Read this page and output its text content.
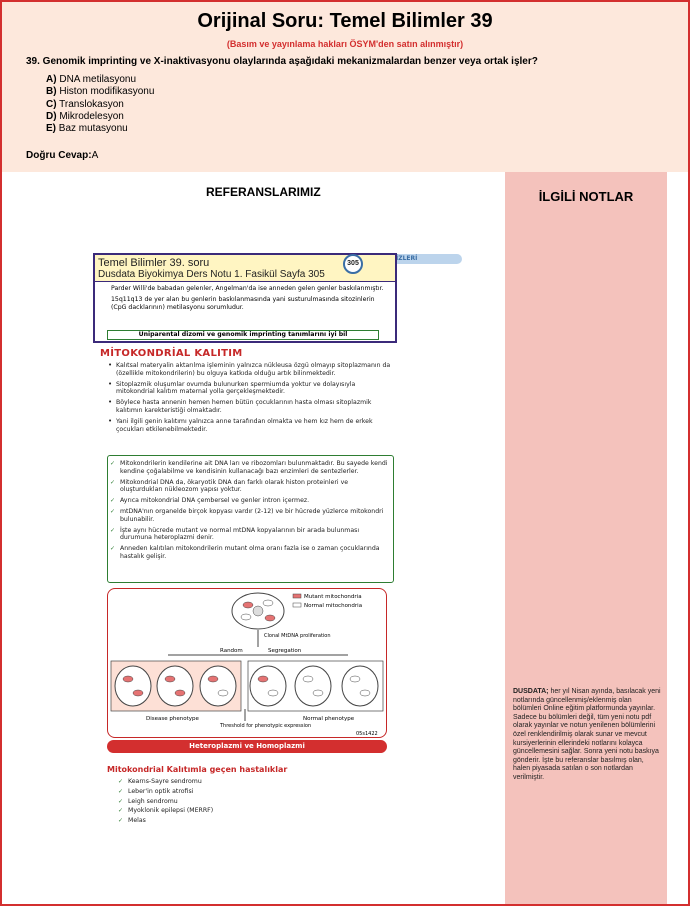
Orijinal Soru: Temel Bilimler 39
(Basım ve yayınlama hakları ÖSYM'den satın alınmıştır)
39. Genomik imprinting ve X-inaktivasyonu olaylarında aşağıdaki mekanizmalardan benzer veya ortak işler?
A) DNA metilasyonu
B) Histon modifikasyonu
C) Translokasyon
D) Mikrodelesyon
E) Baz mutasyonu
Doğru Cevap:A
REFERANSLARIMIZ
İZLERİ
MİTOKONDRİAL KALITIM
• Kalıtsal materyalin aktarılma işleminin yalnızca nükleusa özgü olmayıp sitoplazmanın da (özellikle mitokondrilerin) bu olguya katkıda olduğu artık bilinmektedir.
• Sitoplazmik oluşumlar ovumda bulunurken spermiumda yoktur ve dolayısıyla mitokondrial kalıtım maternal yolla gerçekleşmektedir.
• Böylece hasta annenin hemen hemen bütün çocuklarının hasta olması sitoplazmik kalıtımın karekteristiği olmaktadır.
• Yani ilgili genin kalıtımı yalnızca anne tarafından olmakta ve hem kız hem de erkek çocukları etkilenebilmektedir.
✓ Mitokondrilerin kendilerine ait DNA ları ve ribozomları bulunmaktadır. Bu sayede kendi kendine çoğalabilme ve kendisinin kullanacağı bazı enzimleri de sentezlerler.
✓ Mitokondrial DNA da, ökaryotik DNA dan farklı olarak histon proteinleri ve oluşturdukları nükleozom yapısı yoktur.
✓ Ayrıca mitokondrial DNA çembersel ve genler intron içermez.
✓ mtDNA'nın organelde birçok kopyası vardır (2-12) ve bir hücrede yüzlerce mitokondri bulunabilir.
✓ İşte aynı hücrede mutant ve normal mtDNA kopyalarının bir arada bulunması durumuna heteroplazmi denir.
✓ Anneden kalıtılan mitokondrilerin mutant olma oranı fazla ise o zaman çocuklarında hastalık gelişir.
Mutant mitochondria
Normal mitochondria
Clonal MtDNA proliferation
Random	Segregation
Disease phenotype	Normal phenotype
Threshold for phenotypic expression
05s1422
Heteroplazmi ve Homoplazmi
Mitokondrial Kalıtımla geçen hastalıklar
✓ Kearns-Sayre sendromu
✓ Leber'in optik atrofisi
✓ Leigh sendromu
✓ Myoklonik epilepsi (MERRF)
✓ Melas
Temel Bilimler 39. soru
Dusdata Biyokimya Ders Notu 1. Fasikül Sayfa 305
Parder Willi'de babadan gelenler, Angelman'da ise anneden gelen genler baskılanmıştır.
15q11q13 de yer alan bu genlerin baskılanmasında yani susturulmasında sitozinlerin (CpG dacklarının) metilasyonu sorumludur.
Uniparental dizomi ve genomik imprinting tanımlarını iyi bil
305
İLGİLİ NOTLAR
DUSDATA; her yıl Nisan ayında, basılacak yeni notlarında güncellenmiş/eklenmiş olan bölümleri Online eğitim platformunda yayınlar. Sadece bu bölümleri değil, tüm yeni notu pdf olarak yayınlar ve notun yenilenen bölümlerini özel renklendirilmiş olarak sunar ve mevcut kursiyerlerinin ellerindeki notlarını kolayca güncellemesini sağlar. Sonra yeni notu baskıya gönderir. İşte bu referanslar basılmış olan, halen piyasada satılan o son notlardan verilmiştir.
